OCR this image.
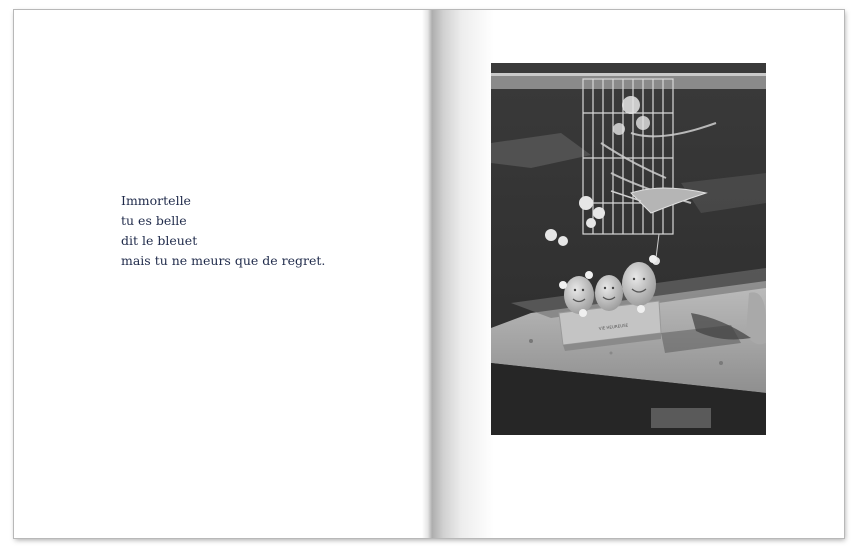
Immortelle
tu es belle
dit le bleuet
mais tu ne meurs que de regret.
VIE HEUREUSE
